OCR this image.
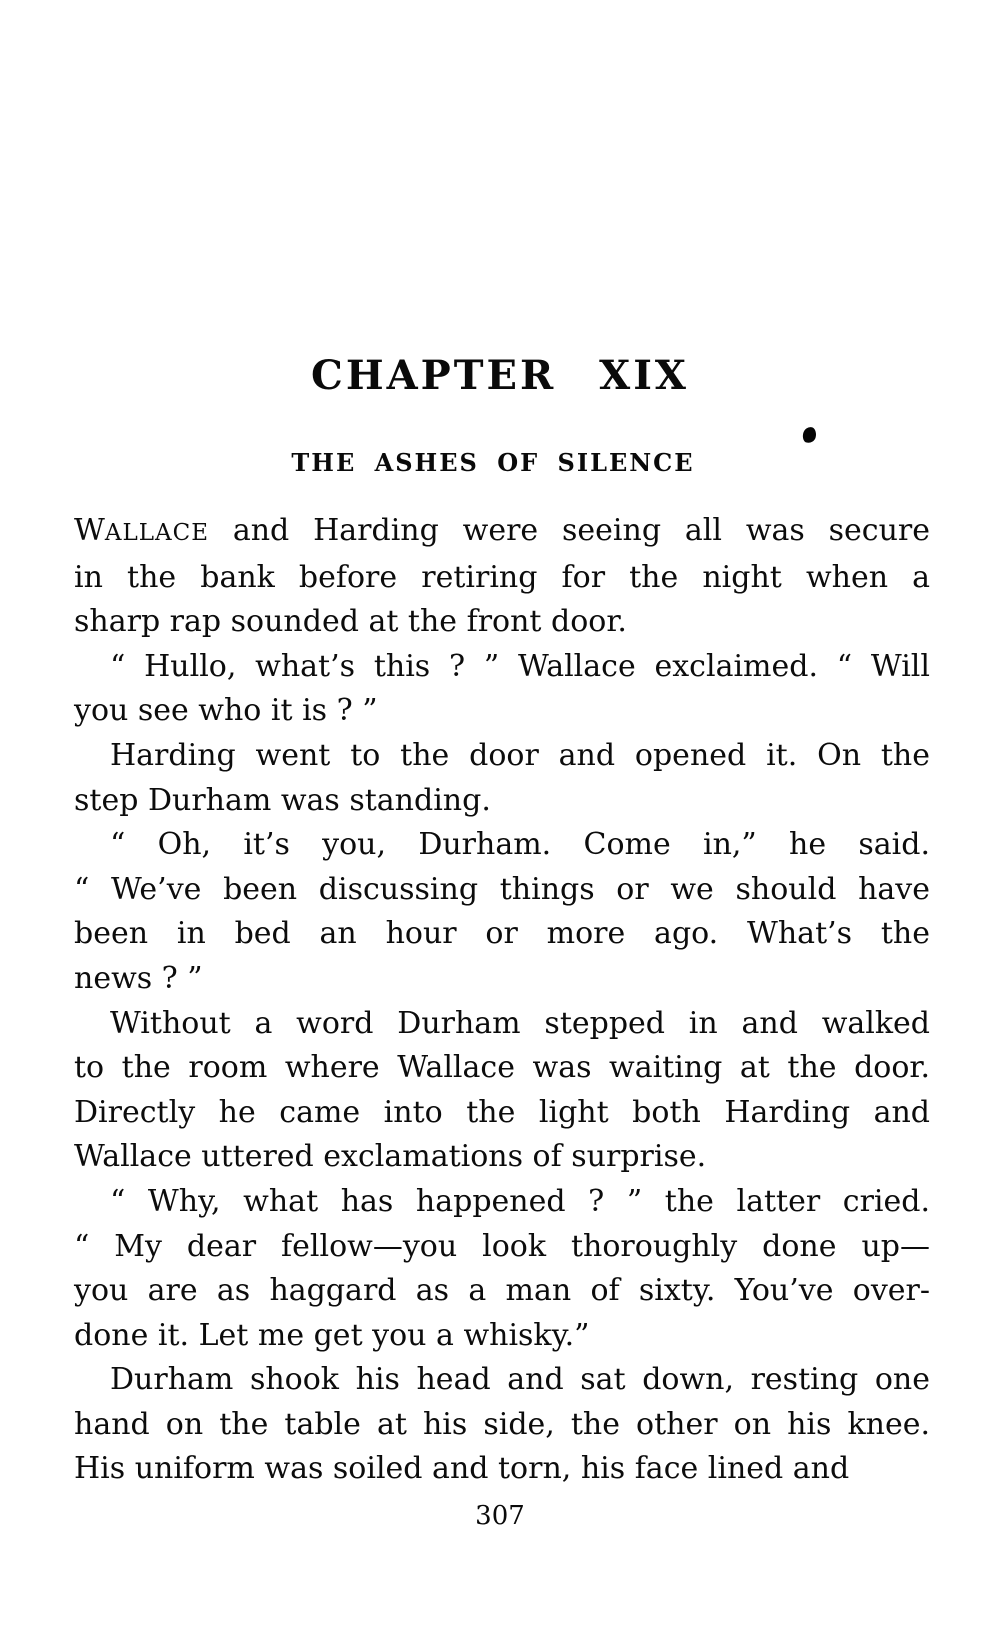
CHAPTER XIX
THE ASHES OF SILENCE
WALLACE and Harding were seeing all was secure
in the bank before retiring for the night when a
sharp rap sounded at the front door.
“ Hullo, what’s this ? ” Wallace exclaimed. “ Will
you see who it is ? ”
Harding went to the door and opened it. On the
step Durham was standing.
“ Oh, it’s you, Durham. Come in,” he said.
“ We’ve been discussing things or we should have
been in bed an hour or more ago. What’s the
news ? ”
Without a word Durham stepped in and walked
to the room where Wallace was waiting at the door.
Directly he came into the light both Harding and
Wallace uttered exclamations of surprise.
“ Why, what has happened ? ” the latter cried.
“ My dear fellow—you look thoroughly done up—
you are as haggard as a man of sixty. You’ve over-
done it. Let me get you a whisky.”
Durham shook his head and sat down, resting one
hand on the table at his side, the other on his knee.
His uniform was soiled and torn, his face lined and
307
